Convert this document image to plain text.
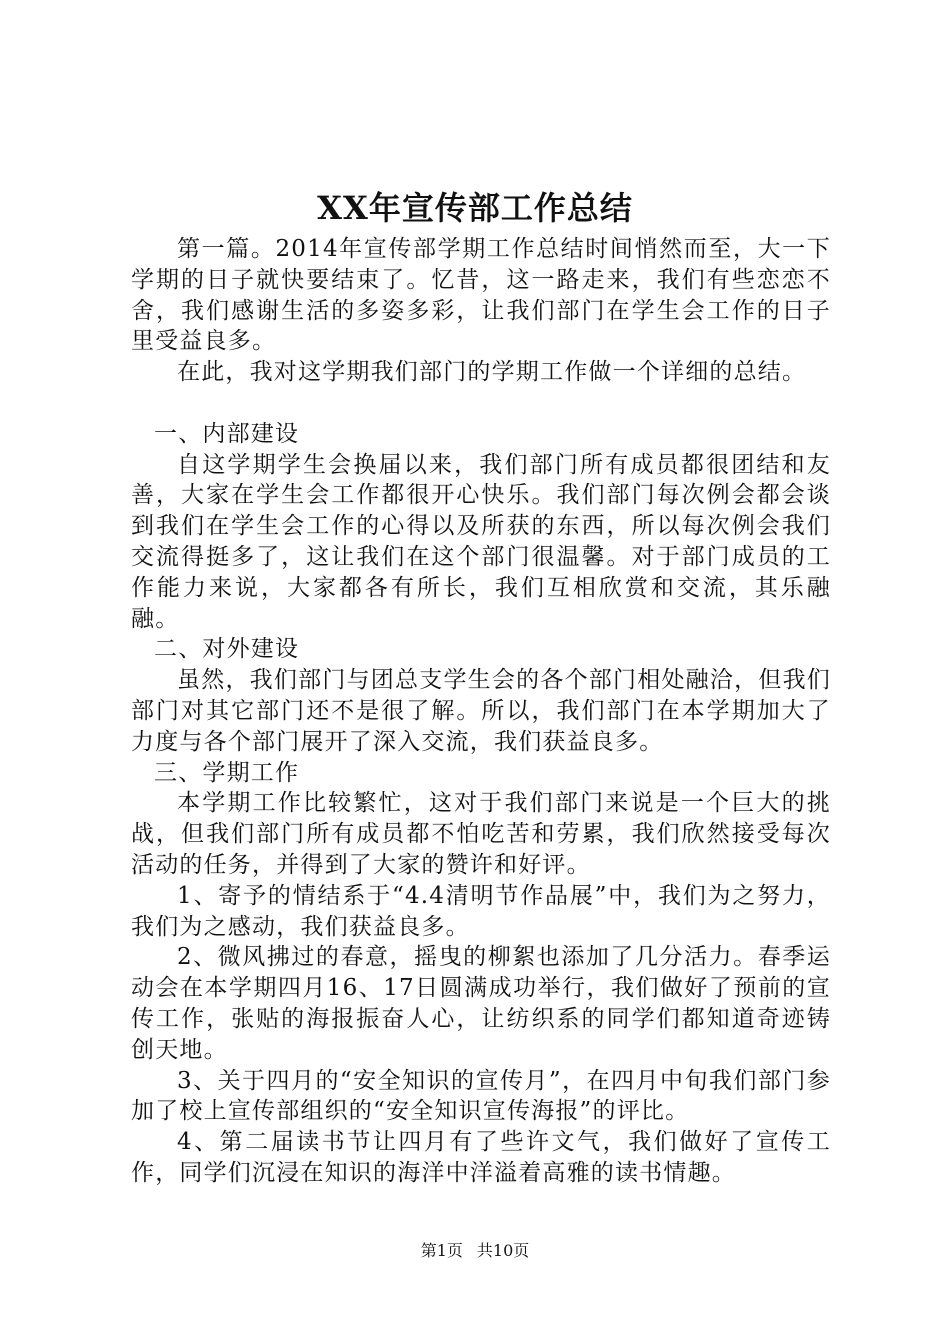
XX年宣传部工作总结

第一篇。2014年宣传部学期工作总结时间悄然而至，大一下学期的日子就快要结束了。忆昔，这一路走来，我们有些恋恋不舍，我们感谢生活的多姿多彩，让我们部门在学生会工作的日子里受益良多。

在此，我对这学期我们部门的学期工作做一个详细的总结。

一、内部建设

自这学期学生会换届以来，我们部门所有成员都很团结和友善，大家在学生会工作都很开心快乐。我们部门每次例会都会谈到我们在学生会工作的心得以及所获的东西，所以每次例会我们交流得挺多了，这让我们在这个部门很温馨。对于部门成员的工作能力来说，大家都各有所长，我们互相欣赏和交流，其乐融融。

二、对外建设

虽然，我们部门与团总支学生会的各个部门相处融洽，但我们部门对其它部门还不是很了解。所以，我们部门在本学期加大了力度与各个部门展开了深入交流，我们获益良多。

三、学期工作

本学期工作比较繁忙，这对于我们部门来说是一个巨大的挑战，但我们部门所有成员都不怕吃苦和劳累，我们欣然接受每次活动的任务，并得到了大家的赞许和好评。

1、寄予的情结系于“4.4清明节作品展”中，我们为之努力，我们为之感动，我们获益良多。

2、微风拂过的春意，摇曳的柳絮也添加了几分活力。春季运动会在本学期四月16、17日圆满成功举行，我们做好了预前的宣传工作，张贴的海报振奋人心，让纺织系的同学们都知道奇迹铸创天地。

3、关于四月的“安全知识的宣传月”，在四月中旬我们部门参加了校上宣传部组织的“安全知识宣传海报”的评比。

4、第二届读书节让四月有了些许文气，我们做好了宣传工作，同学们沉浸在知识的海洋中洋溢着高雅的读书情趣。

第1页 共10页
